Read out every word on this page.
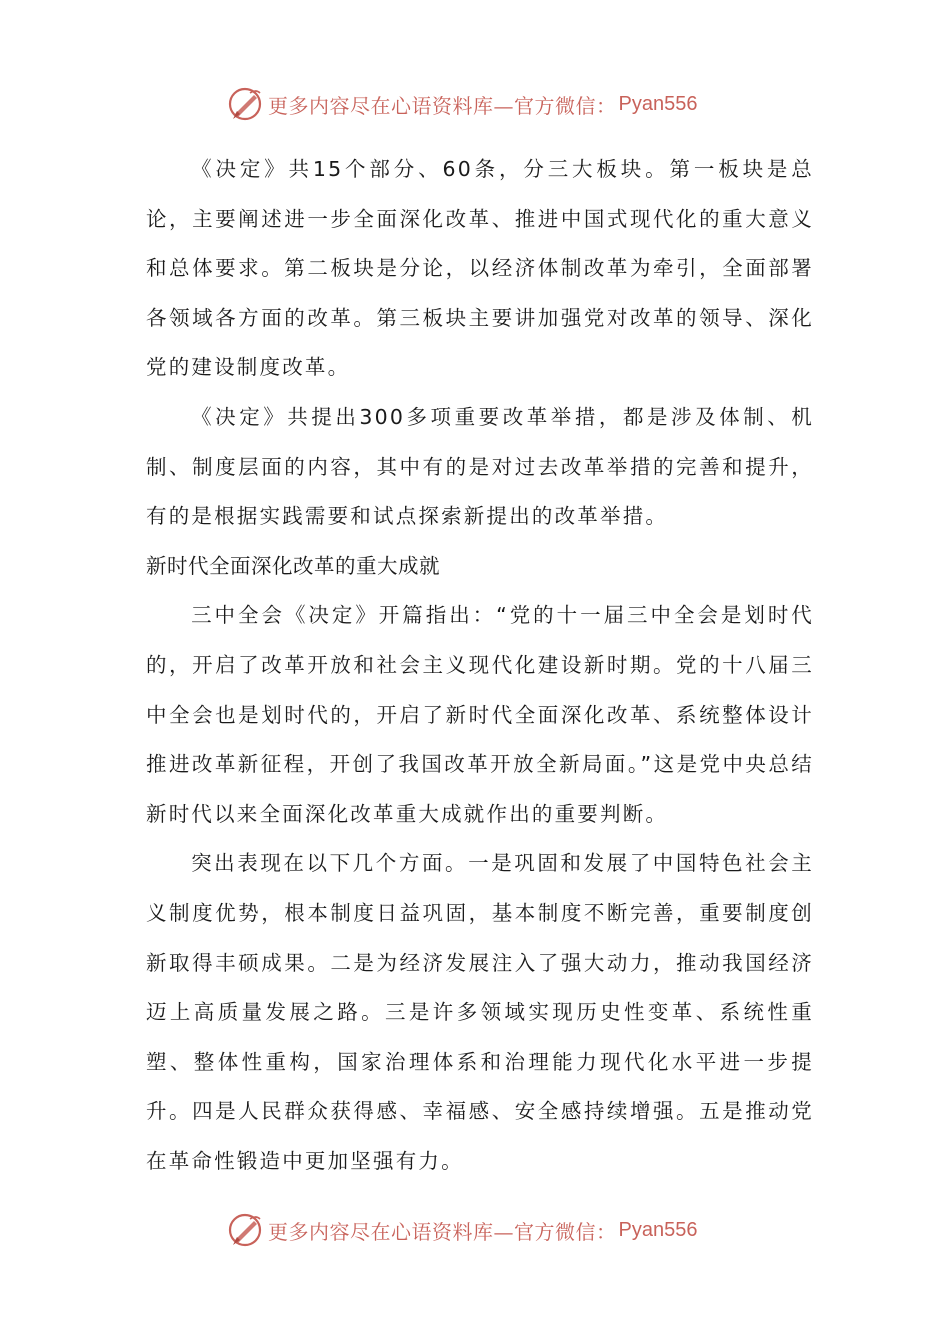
更多内容尽在心语资料库—官方微信： Pyan556

《决定》共15个部分、60条，分三大板块。第一板块是总论，主要阐述进一步全面深化改革、推进中国式现代化的重大意义和总体要求。第二板块是分论，以经济体制改革为牵引，全面部署各领域各方面的改革。第三板块主要讲加强党对改革的领导、深化党的建设制度改革。

《决定》共提出300多项重要改革举措，都是涉及体制、机制、制度层面的内容，其中有的是对过去改革举措的完善和提升，有的是根据实践需要和试点探索新提出的改革举措。

新时代全面深化改革的重大成就

三中全会《决定》开篇指出：“党的十一届三中全会是划时代的，开启了改革开放和社会主义现代化建设新时期。党的十八届三中全会也是划时代的，开启了新时代全面深化改革、系统整体设计推进改革新征程，开创了我国改革开放全新局面。”这是党中央总结新时代以来全面深化改革重大成就作出的重要判断。

突出表现在以下几个方面。一是巩固和发展了中国特色社会主义制度优势，根本制度日益巩固，基本制度不断完善，重要制度创新取得丰硕成果。二是为经济发展注入了强大动力，推动我国经济迈上高质量发展之路。三是许多领域实现历史性变革、系统性重塑、整体性重构，国家治理体系和治理能力现代化水平进一步提升。四是人民群众获得感、幸福感、安全感持续增强。五是推动党在革命性锻造中更加坚强有力。

更多内容尽在心语资料库—官方微信： Pyan556
